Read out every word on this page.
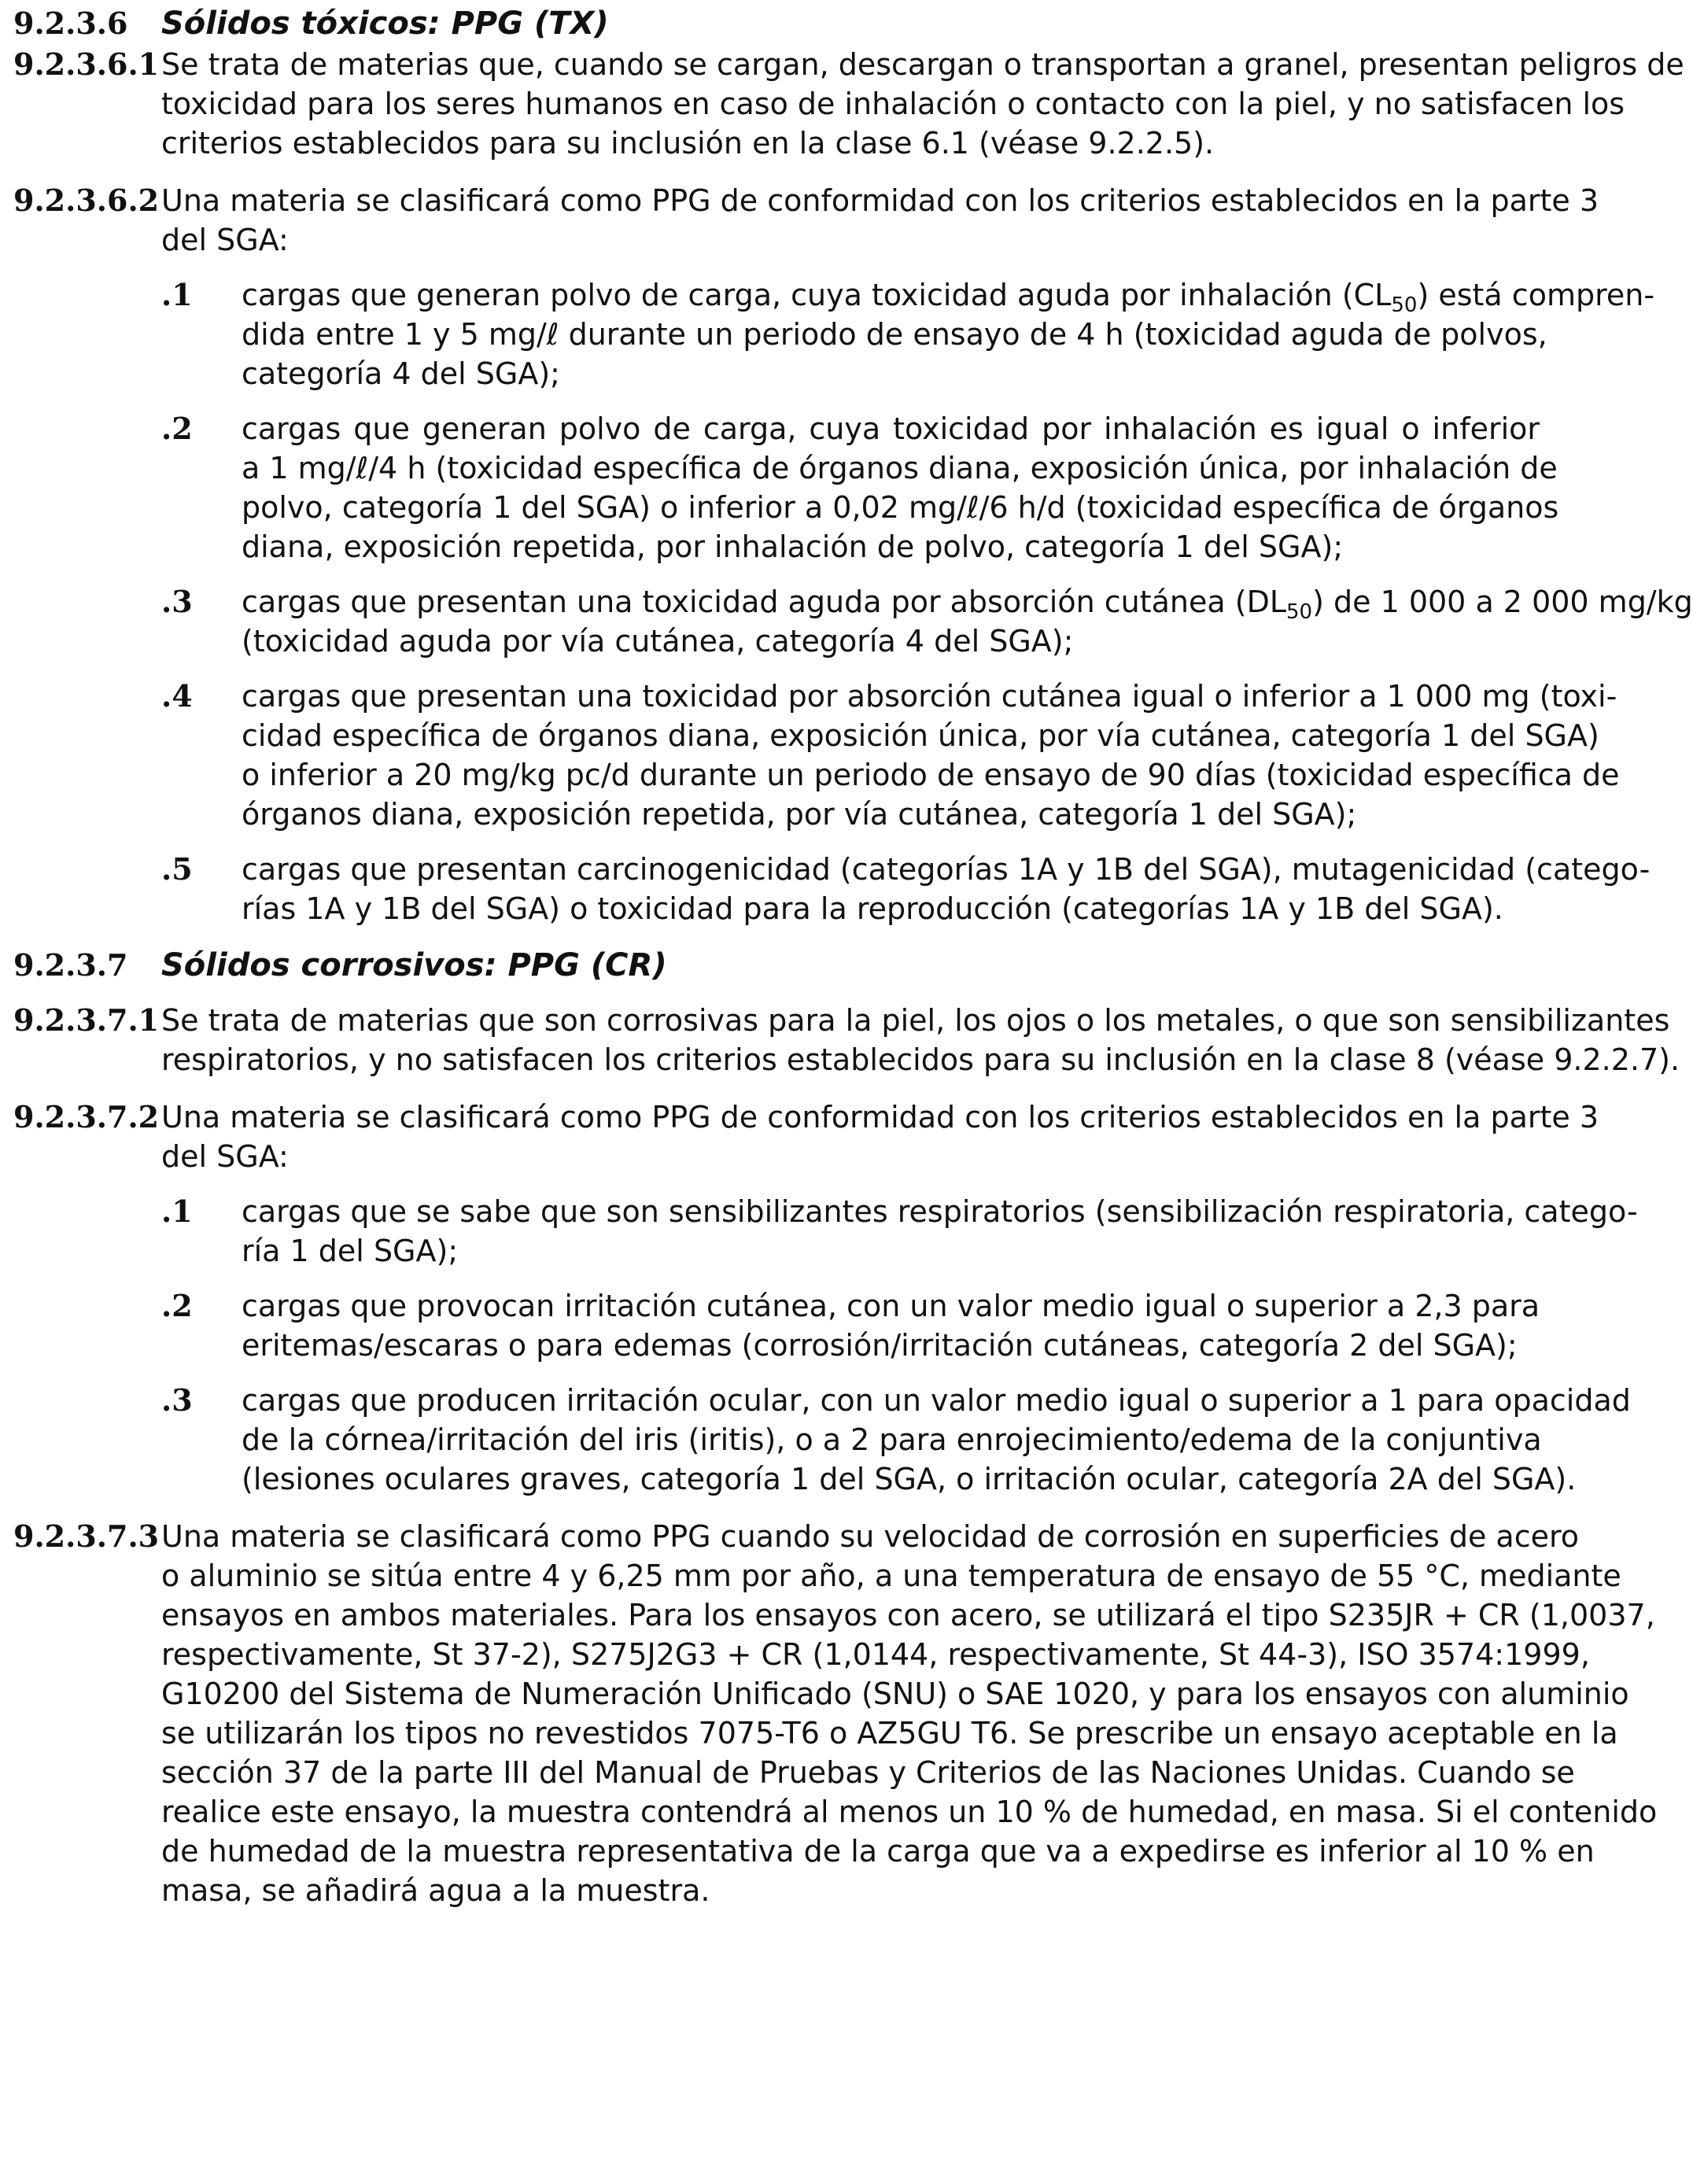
9.2.3.6 Sólidos tóxicos: PPG (TX)
9.2.3.6.1 Se trata de materias que, cuando se cargan, descargan o transportan a granel, presentan peligros de
toxicidad para los seres humanos en caso de inhalación o contacto con la piel, y no satisfacen los
criterios establecidos para su inclusión en la clase 6.1 (véase 9.2.2.5).
9.2.3.6.2 Una materia se clasificará como PPG de conformidad con los criterios establecidos en la parte 3
del SGA:
.1 cargas que generan polvo de carga, cuya toxicidad aguda por inhalación $(CL_{50})$ está compren-
dida entre 1 y 5 mg/ℓ durante un periodo de ensayo de 4 h (toxicidad aguda de polvos,
categoría 4 del SGA);
.2 cargas que generan polvo de carga, cuya toxicidad por inhalación es igual o inferior
a 1 mg/ℓ/4 h (toxicidad específica de órganos diana, exposición única, por inhalación de
polvo, categoría 1 del SGA) o inferior a 0,02 mg/ℓ/6 h/d (toxicidad específica de órganos
diana, exposición repetida, por inhalación de polvo, categoría 1 del SGA);
.3 cargas que presentan una toxicidad aguda por absorción cutánea $(DL_{50})$ de 1 000 a 2 000 mg/kg
(toxicidad aguda por vía cutánea, categoría 4 del SGA);
.4 cargas que presentan una toxicidad por absorción cutánea igual o inferior a 1 000 mg (toxi-
cidad específica de órganos diana, exposición única, por vía cutánea, categoría 1 del SGA)
o inferior a 20 mg/kg pc/d durante un periodo de ensayo de 90 días (toxicidad específica de
órganos diana, exposición repetida, por vía cutánea, categoría 1 del SGA);
.5 cargas que presentan carcinogenicidad (categorías 1A y 1B del SGA), mutagenicidad (catego-
rías 1A y 1B del SGA) o toxicidad para la reproducción (categorías 1A y 1B del SGA).
9.2.3.7 Sólidos corrosivos: PPG (CR)
9.2.3.7.1 Se trata de materias que son corrosivas para la piel, los ojos o los metales, o que son sensibilizantes
respiratorios, y no satisfacen los criterios establecidos para su inclusión en la clase 8 (véase 9.2.2.7).
9.2.3.7.2 Una materia se clasificará como PPG de conformidad con los criterios establecidos en la parte 3
del SGA:
.1 cargas que se sabe que son sensibilizantes respiratorios (sensibilización respiratoria, catego-
ría 1 del SGA);
.2 cargas que provocan irritación cutánea, con un valor medio igual o superior a 2,3 para
eritemas/escaras o para edemas (corrosión/irritación cutáneas, categoría 2 del SGA);
.3 cargas que producen irritación ocular, con un valor medio igual o superior a 1 para opacidad
de la córnea/irritación del iris (iritis), o a 2 para enrojecimiento/edema de la conjuntiva
(lesiones oculares graves, categoría 1 del SGA, o irritación ocular, categoría 2A del SGA).
9.2.3.7.3 Una materia se clasificará como PPG cuando su velocidad de corrosión en superficies de acero
o aluminio se sitúa entre 4 y 6,25 mm por año, a una temperatura de ensayo de 55 °C, mediante
ensayos en ambos materiales. Para los ensayos con acero, se utilizará el tipo S235JR + CR (1,0037,
respectivamente, St 37-2), S275J2G3 + CR (1,0144, respectivamente, St 44-3), ISO 3574:1999,
G10200 del Sistema de Numeración Unificado (SNU) o SAE 1020, y para los ensayos con aluminio
se utilizarán los tipos no revestidos 7075-T6 o AZ5GU T6. Se prescribe un ensayo aceptable en la
sección 37 de la parte III del Manual de Pruebas y Criterios de las Naciones Unidas. Cuando se
realice este ensayo, la muestra contendrá al menos un 10 % de humedad, en masa. Si el contenido
de humedad de la muestra representativa de la carga que va a expedirse es inferior al 10 % en
masa, se añadirá agua a la muestra.
